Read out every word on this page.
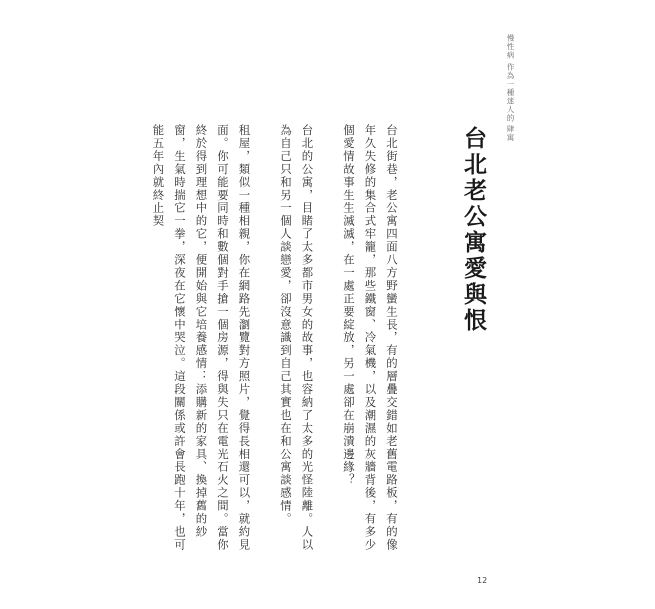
肆寓
作為一種迷人的
慢性病
台北老公寓愛與恨

台北街巷，老公寓四面八方野蠻生長，有的層疊交錯如老舊電路板，有的像年久失修的集合式牢籠，那些鐵窗、冷氣機，以及潮濕的灰牆背後，有多少個愛情故事生生滅滅，在一處正要綻放，另一處卻在崩潰邊緣？

台北的公寓，目睹了太多都市男女的故事，也容納了太多的光怪陸離。人以為自己只和另一個人談戀愛，卻沒意識到自己其實也在和公寓談感情。

租屋，類似一種相親，你在網路先瀏覽對方照片，覺得長相還可以，就約見面。你可能要同時和數個對手搶一個房源，得與失只在電光石火之間。當你終於得到理想中的它，便開始與它培養感情：添購新的家具、換掉舊的紗窗，生氣時揣它一拳，深夜在它懷中哭泣。這段關係或許會長跑十年，也可能五年內就終止契

12
